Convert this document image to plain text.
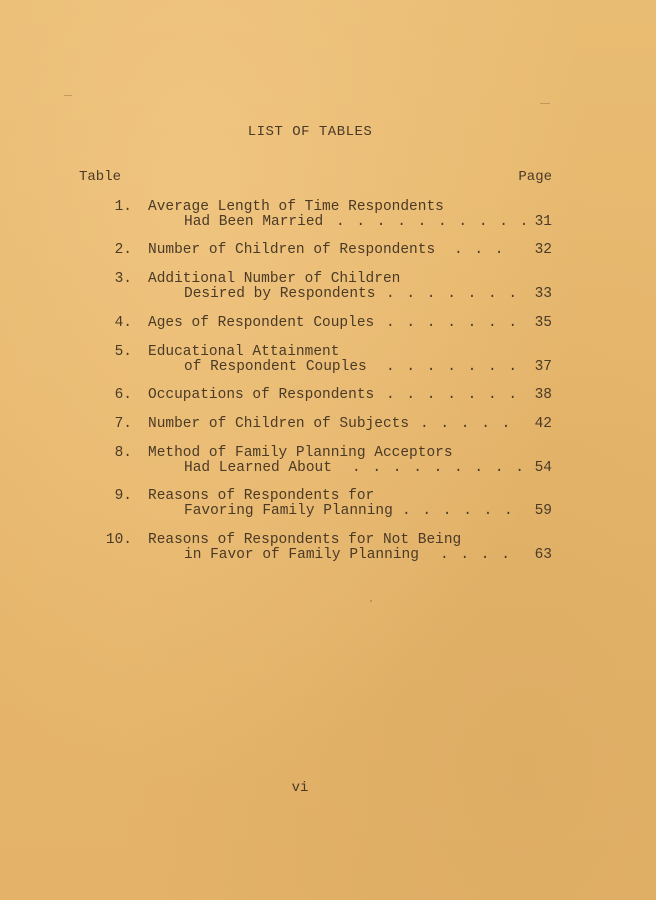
LIST OF TABLES
Table	Page
1. Average Length of Time Respondents
Had Been Married . . . . . . . . . . 31
2. Number of Children of Respondents . . . 32
3. Additional Number of Children
Desired by Respondents . . . . . . . 33
4. Ages of Respondent Couples . . . . . . . 35
5. Educational Attainment
of Respondent Couples . . . . . . . 37
6. Occupations of Respondents . . . . . . . 38
7. Number of Children of Subjects . . . . . 42
8. Method of Family Planning Acceptors
Had Learned About . . . . . . . . . 54
9. Reasons of Respondents for
Favoring Family Planning . . . . . . 59
10. Reasons of Respondents for Not Being
in Favor of Family Planning . . . . 63
vi
